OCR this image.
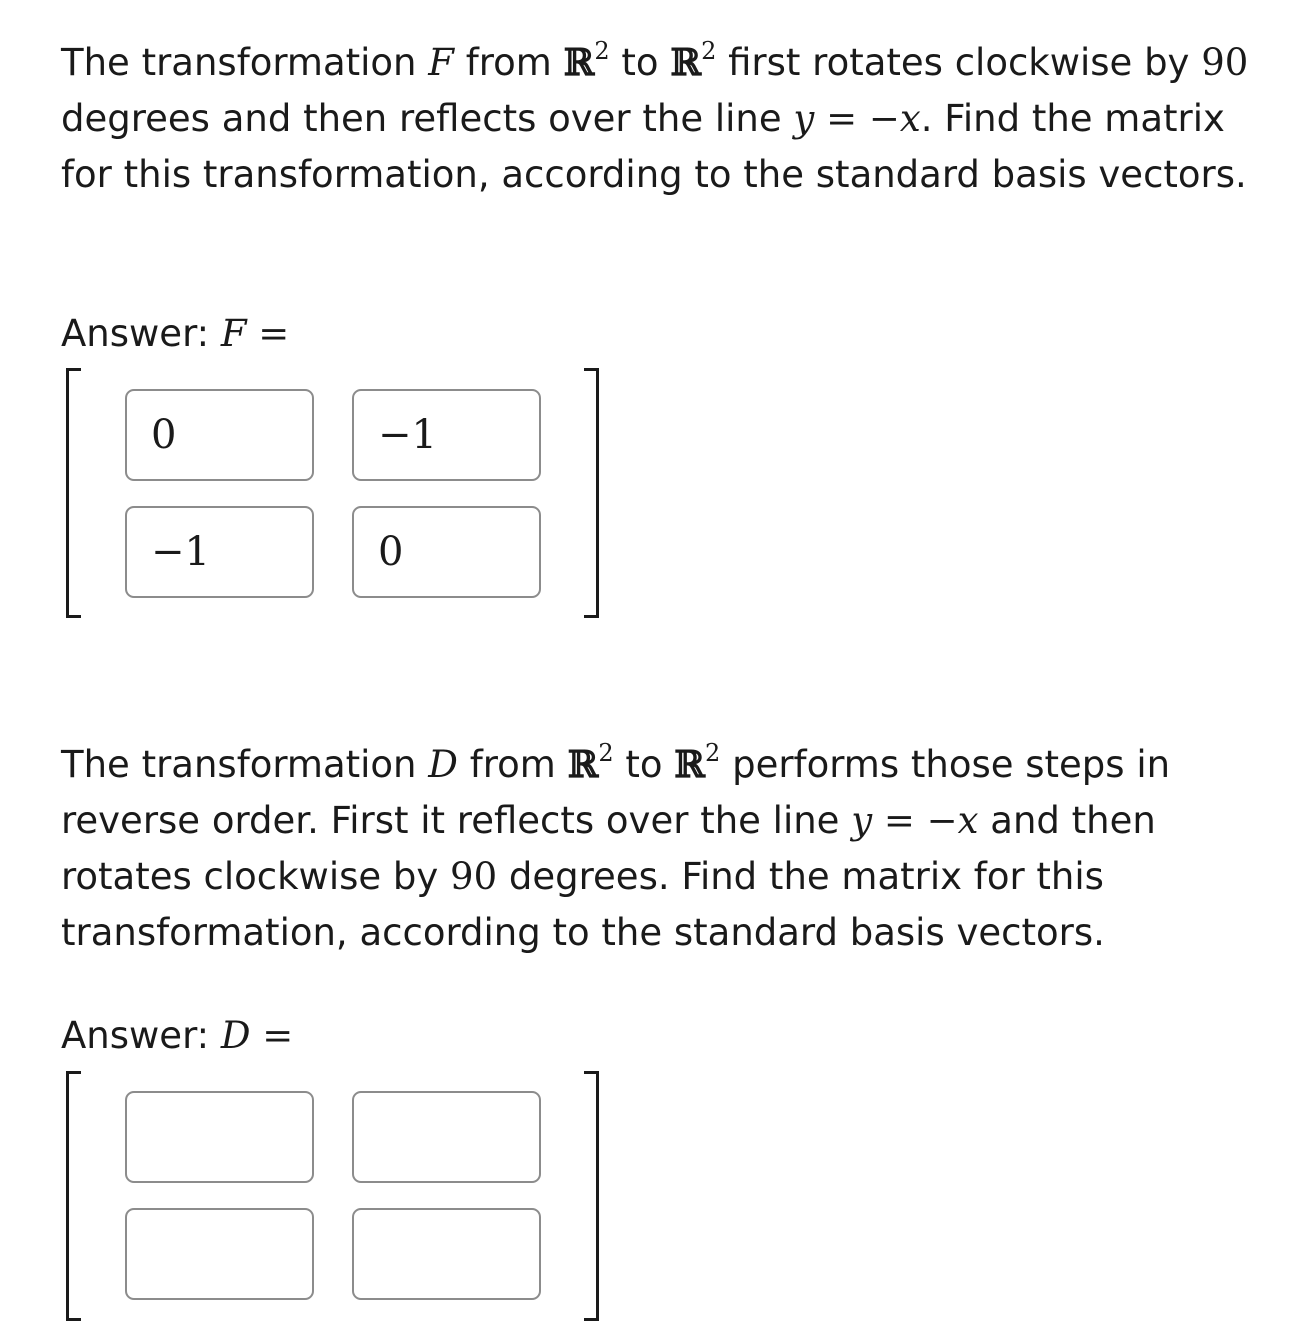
The transformation F from ℝ$^2$ to ℝ$^2$ first rotates clockwise by 90 degrees and then reflects over the line y = −x. Find the matrix for this transformation, according to the standard basis vectors.

Answer: F =

0	−1
−1	0

The transformation D from ℝ$^2$ to ℝ$^2$ performs those steps in reverse order. First it reflects over the line y = −x and then rotates clockwise by 90 degrees. Find the matrix for this transformation, according to the standard basis vectors.

Answer: D =
